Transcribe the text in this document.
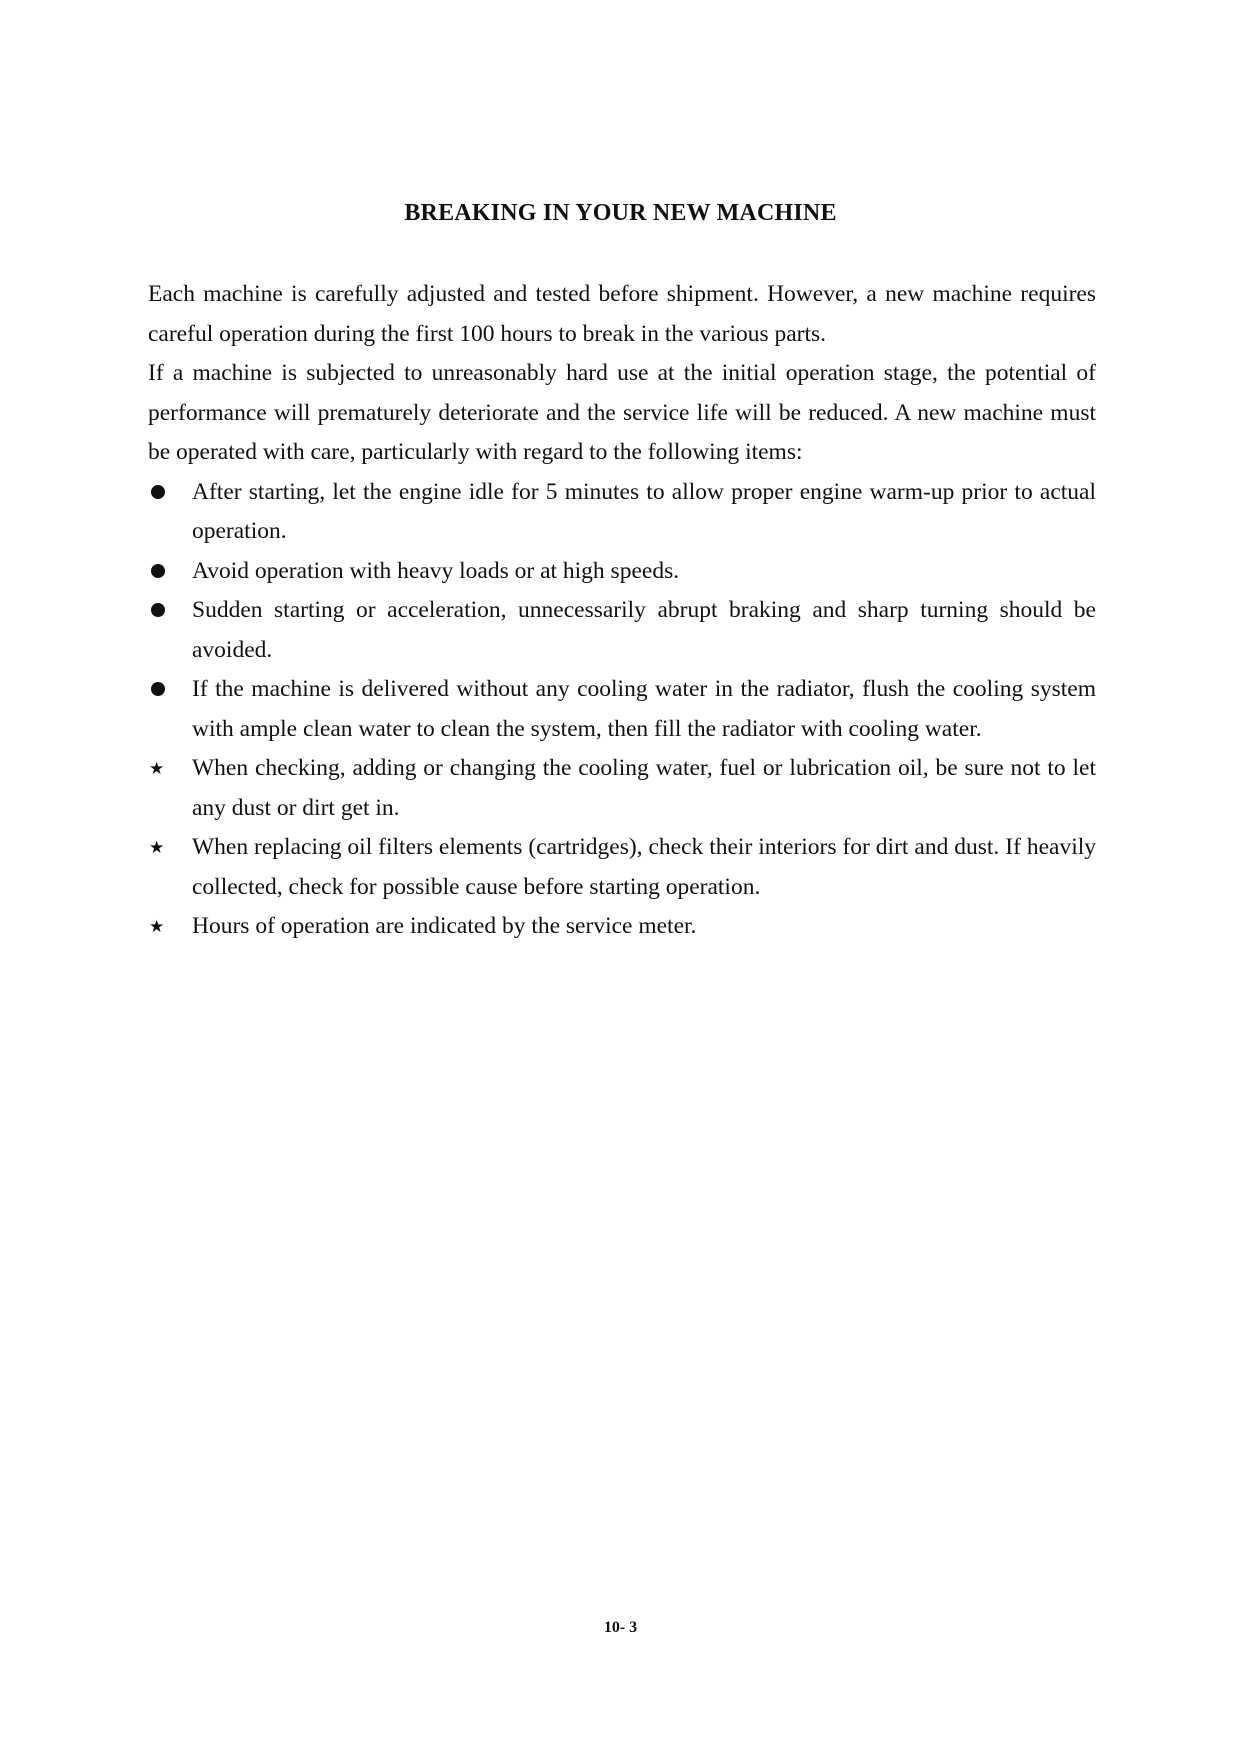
BREAKING IN YOUR NEW MACHINE

Each machine is carefully adjusted and tested before shipment. However, a new machine requires careful operation during the first 100 hours to break in the various parts.

If a machine is subjected to unreasonably hard use at the initial operation stage, the potential of performance will prematurely deteriorate and the service life will be reduced. A new machine must be operated with care, particularly with regard to the following items:

After starting, let the engine idle for 5 minutes to allow proper engine warm-up prior to actual operation.
Avoid operation with heavy loads or at high speeds.
Sudden starting or acceleration, unnecessarily abrupt braking and sharp turning should be avoided.
If the machine is delivered without any cooling water in the radiator, flush the cooling system with ample clean water to clean the system, then fill the radiator with cooling water.
★ When checking, adding or changing the cooling water, fuel or lubrication oil, be sure not to let any dust or dirt get in.
★ When replacing oil filters elements (cartridges), check their interiors for dirt and dust. If heavily collected, check for possible cause before starting operation.
★ Hours of operation are indicated by the service meter.
10- 3
